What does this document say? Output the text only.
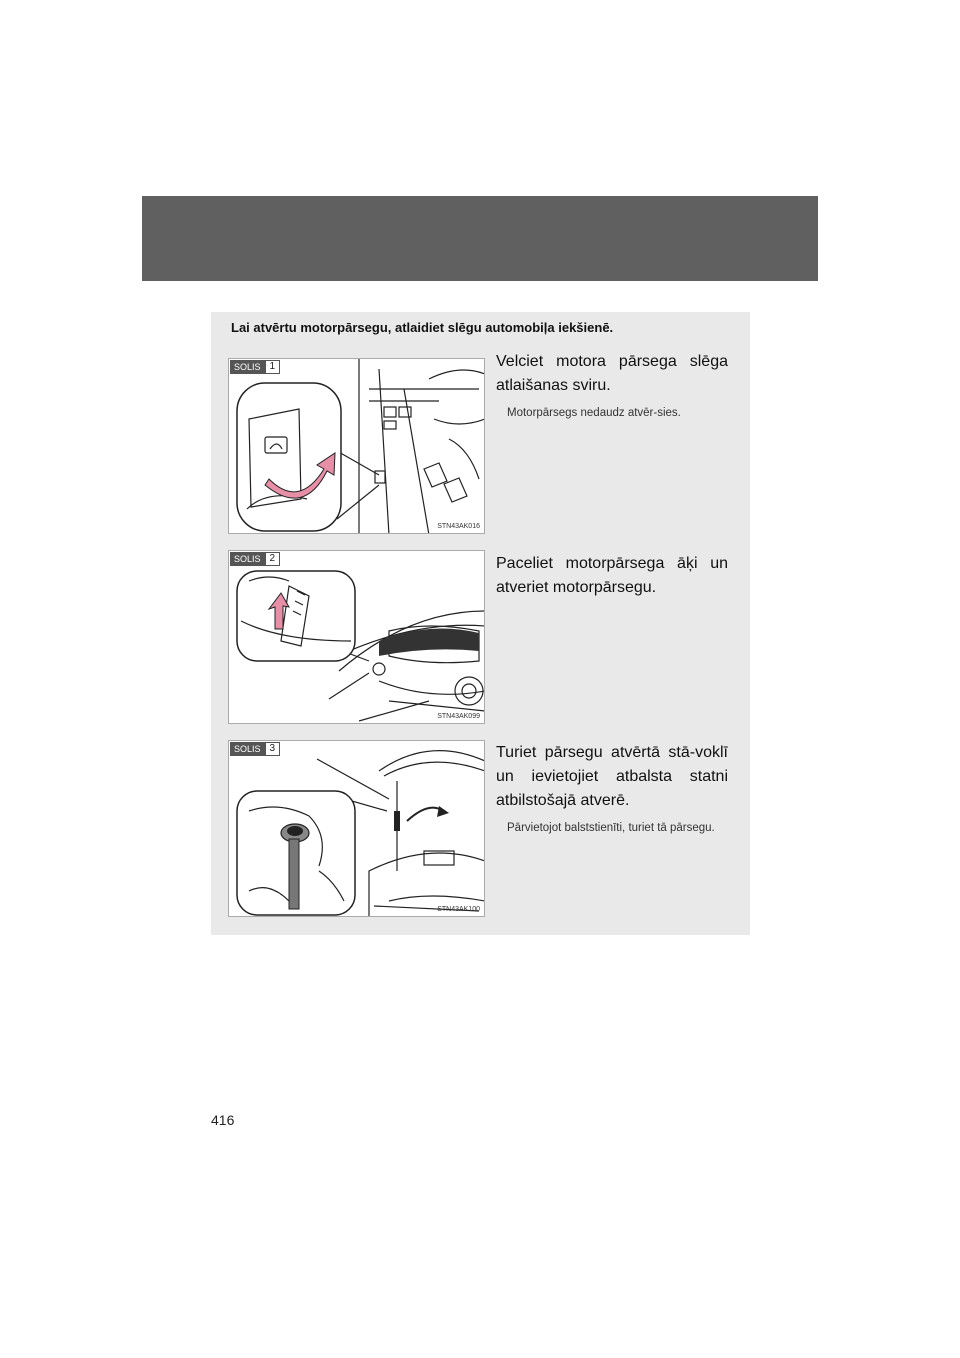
Lai atvērtu motorpārsegu, atlaidiet slēgu automobiļa iekšienē.
SOLIS 1
STN43AK016
Velciet motora pārsega slēga atlaišanas sviru.
Motorpārsegs nedaudz atvēr-sies.
SOLIS 2
STN43AK099
Paceliet motorpārsega āķi un atveriet motorpārsegu.
SOLIS 3
STN43AK100
Turiet pārsegu atvērtā stā-voklī un ievietojiet atbalsta statni atbilstošajā atverē.
Pārvietojot balststienīti, turiet tā pārsegu.
416
